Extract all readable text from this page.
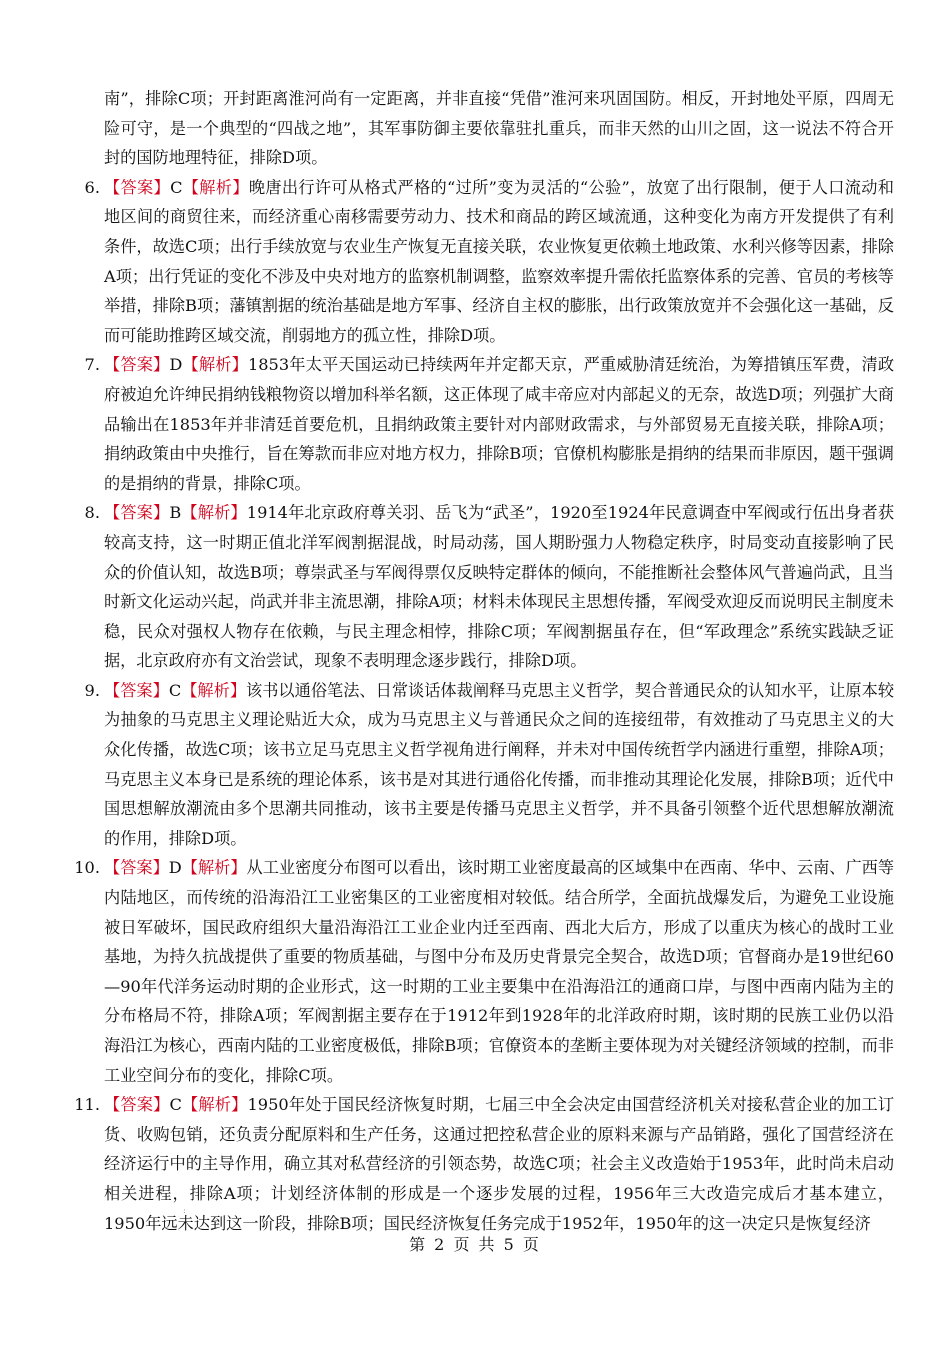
南”，排除C项；开封距离淮河尚有一定距离，并非直接“凭借”淮河来巩固国防。相反，开封地处平原，四周无险可守，是一个典型的“四战之地”，其军事防御主要依靠驻扎重兵，而非天然的山川之固，这一说法不符合开封的国防地理特征，排除D项。

6. 【答案】C【解析】晚唐出行许可从格式严格的“过所”变为灵活的“公验”，放宽了出行限制，便于人口流动和地区间的商贸往来，而经济重心南移需要劳动力、技术和商品的跨区域流通，这种变化为南方开发提供了有利条件，故选C项；出行手续放宽与农业生产恢复无直接关联，农业恢复更依赖土地政策、水利兴修等因素，排除A项；出行凭证的变化不涉及中央对地方的监察机制调整，监察效率提升需依托监察体系的完善、官员的考核等举措，排除B项；藩镇割据的统治基础是地方军事、经济自主权的膨胀，出行政策放宽并不会强化这一基础，反而可能助推跨区域交流，削弱地方的孤立性，排除D项。

7. 【答案】D【解析】1853年太平天国运动已持续两年并定都天京，严重威胁清廷统治，为筹措镇压军费，清政府被迫允许绅民捐纳钱粮物资以增加科举名额，这正体现了咸丰帝应对内部起义的无奈，故选D项；列强扩大商品输出在1853年并非清廷首要危机，且捐纳政策主要针对内部财政需求，与外部贸易无直接关联，排除A项；捐纳政策由中央推行，旨在筹款而非应对地方权力，排除B项；官僚机构膨胀是捐纳的结果而非原因，题干强调的是捐纳的背景，排除C项。

8. 【答案】B【解析】1914年北京政府尊关羽、岳飞为“武圣”，1920至1924年民意调查中军阀或行伍出身者获较高支持，这一时期正值北洋军阀割据混战，时局动荡，国人期盼强力人物稳定秩序，时局变动直接影响了民众的价值认知，故选B项；尊崇武圣与军阀得票仅反映特定群体的倾向，不能推断社会整体风气普遍尚武，且当时新文化运动兴起，尚武并非主流思潮，排除A项；材料未体现民主思想传播，军阀受欢迎反而说明民主制度未稳，民众对强权人物存在依赖，与民主理念相悖，排除C项；军阀割据虽存在，但“军政理念”系统实践缺乏证据，北京政府亦有文治尝试，现象不表明理念逐步践行，排除D项。

9. 【答案】C【解析】该书以通俗笔法、日常谈话体裁阐释马克思主义哲学，契合普通民众的认知水平，让原本较为抽象的马克思主义理论贴近大众，成为马克思主义与普通民众之间的连接纽带，有效推动了马克思主义的大众化传播，故选C项；该书立足马克思主义哲学视角进行阐释，并未对中国传统哲学内涵进行重塑，排除A项；马克思主义本身已是系统的理论体系，该书是对其进行通俗化传播，而非推动其理论化发展，排除B项；近代中国思想解放潮流由多个思潮共同推动，该书主要是传播马克思主义哲学，并不具备引领整个近代思想解放潮流的作用，排除D项。

10. 【答案】D【解析】从工业密度分布图可以看出，该时期工业密度最高的区域集中在西南、华中、云南、广西等内陆地区，而传统的沿海沿江工业密集区的工业密度相对较低。结合所学，全面抗战爆发后，为避免工业设施被日军破坏，国民政府组织大量沿海沿江工业企业内迁至西南、西北大后方，形成了以重庆为核心的战时工业基地，为持久抗战提供了重要的物质基础，与图中分布及历史背景完全契合，故选D项；官督商办是19世纪60—90年代洋务运动时期的企业形式，这一时期的工业主要集中在沿海沿江的通商口岸，与图中西南内陆为主的分布格局不符，排除A项；军阀割据主要存在于1912年到1928年的北洋政府时期，该时期的民族工业仍以沿海沿江为核心，西南内陆的工业密度极低，排除B项；官僚资本的垄断主要体现为对关键经济领域的控制，而非工业空间分布的变化，排除C项。

11. 【答案】C【解析】1950年处于国民经济恢复时期，七届三中全会决定由国营经济机关对接私营企业的加工订货、收购包销，还负责分配原料和生产任务，这通过把控私营企业的原料来源与产品销路，强化了国营经济在经济运行中的主导作用，确立其对私营经济的引领态势，故选C项；社会主义改造始于1953年，此时尚未启动相关进程，排除A项；计划经济体制的形成是一个逐步发展的过程，1956年三大改造完成后才基本建立，1950年远未达到这一阶段，排除B项；国民经济恢复任务完成于1952年，1950年的这一决定只是恢复经济

:
第 2 页 共 5 页
